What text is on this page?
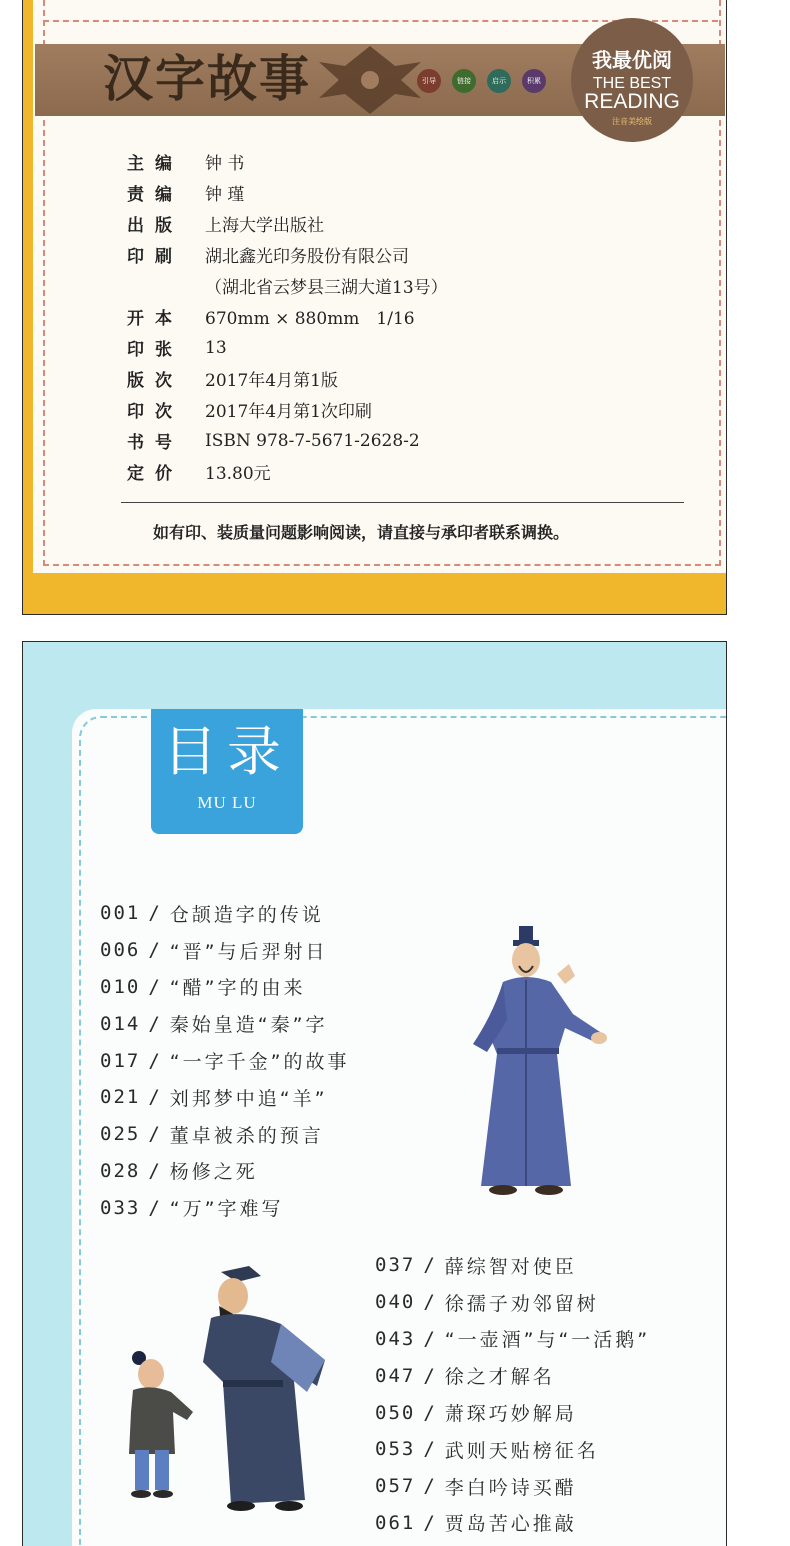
汉字故事	引导	链接	启示	积累
我最优阅
THE BEST
READING
注音美绘版
主编	钟 书
责编	钟 瑾
出版	上海大学出版社
印刷	湖北鑫光印务股份有限公司
（湖北省云梦县三湖大道13号）
开本	670mm × 880mm　1/16
印张	13
版次	2017年4月第1版
印次	2017年4月第1次印刷
书号	ISBN 978-7-5671-2628-2
定价	13.80元
如有印、装质量问题影响阅读，请直接与承印者联系调换。
目录
MU LU
001 / 仓颉造字的传说
006 / “晋”与后羿射日
010 / “醋”字的由来
014 / 秦始皇造“秦”字
017 / “一字千金”的故事
021 / 刘邦梦中追“羊”
025 / 董卓被杀的预言
028 / 杨修之死
033 / “万”字难写
037 / 薛综智对使臣
040 / 徐孺子劝邻留树
043 / “一壶酒”与“一活鹅”
047 / 徐之才解名
050 / 萧琛巧妙解局
053 / 武则天贴榜征名
057 / 李白吟诗买醋
061 / 贾岛苦心推敲
